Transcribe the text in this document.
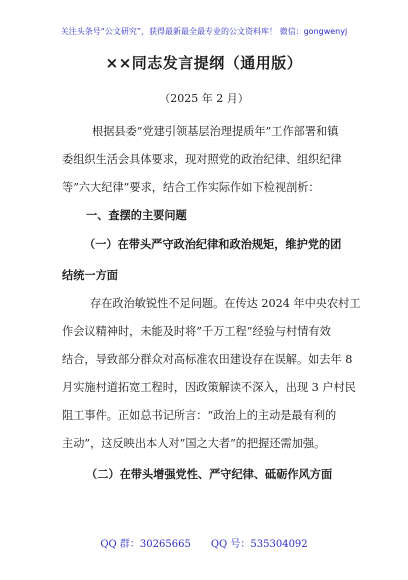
关注头条号“公文研究”，获得最新最全最专业的公文资料库！ 微信：gongwenyj
××同志发言提纲（通用版）
（2025 年 2 月）
根据县委”党建引领基层治理提质年”工作部署和镇
委组织生活会具体要求，现对照党的政治纪律、组织纪律
等”六大纪律”要求，结合工作实际作如下检视剖析：
一、查摆的主要问题
（一）在带头严守政治纪律和政治规矩，维护党的团
结统一方面
存在政治敏锐性不足问题。在传达 2024 年中央农村工
作会议精神时，未能及时将”千万工程”经验与村情有效
结合，导致部分群众对高标准农田建设存在误解。如去年 8
月实施村道拓宽工程时，因政策解读不深入，出现 3 户村民
阻工事件。正如总书记所言：“政治上的主动是最有利的
主动”，这反映出本人对”国之大者”的把握还需加强。
（二）在带头增强党性、严守纪律、砥砺作风方面
QQ 群：30265665　　QQ 号：535304092
